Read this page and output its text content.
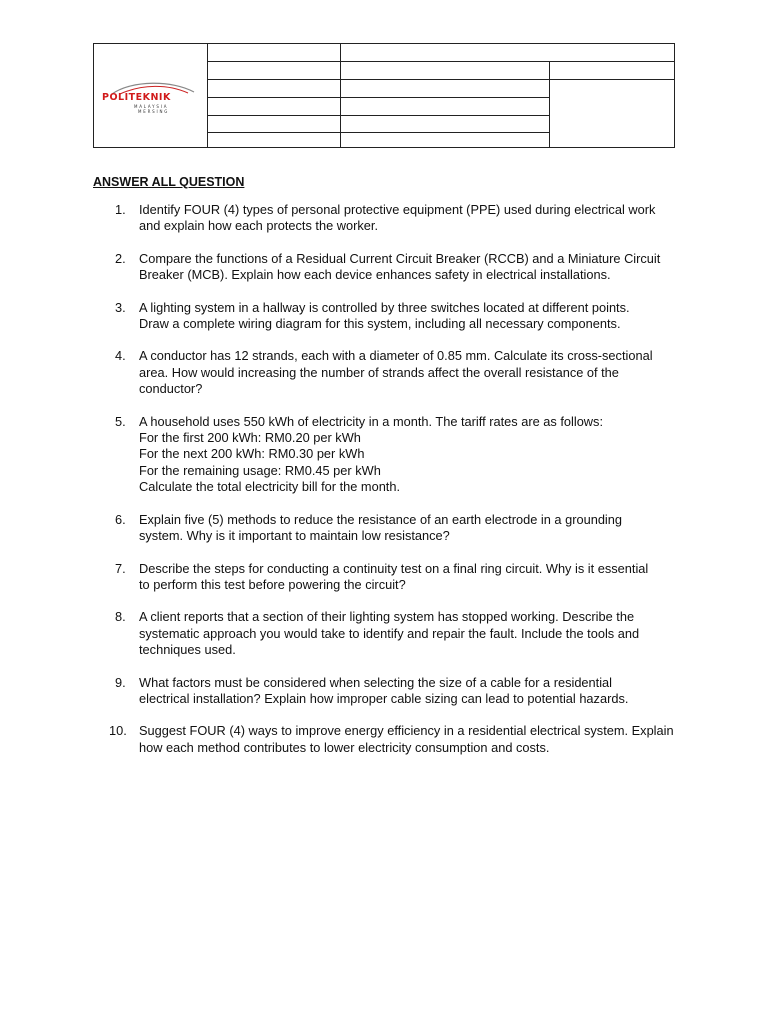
POLITEKNIK
MALAYSIA
MERSING
ANSWER ALL QUESTION
1.	Identify FOUR (4) types of personal protective equipment (PPE) used during electrical work
and explain how each protects the worker.
2.	Compare the functions of a Residual Current Circuit Breaker (RCCB) and a Miniature Circuit
Breaker (MCB). Explain how each device enhances safety in electrical installations.
3.	A lighting system in a hallway is controlled by three switches located at different points.
Draw a complete wiring diagram for this system, including all necessary components.
4.	A conductor has 12 strands, each with a diameter of 0.85 mm. Calculate its cross-sectional
area. How would increasing the number of strands affect the overall resistance of the
conductor?
5.	A household uses 550 kWh of electricity in a month. The tariff rates are as follows:
For the first 200 kWh: RM0.20 per kWh
For the next 200 kWh: RM0.30 per kWh
For the remaining usage: RM0.45 per kWh
Calculate the total electricity bill for the month.
6.	Explain five (5) methods to reduce the resistance of an earth electrode in a grounding
system. Why is it important to maintain low resistance?
7.	Describe the steps for conducting a continuity test on a final ring circuit. Why is it essential
to perform this test before powering the circuit?
8.	A client reports that a section of their lighting system has stopped working. Describe the
systematic approach you would take to identify and repair the fault. Include the tools and
techniques used.
9.	What factors must be considered when selecting the size of a cable for a residential
electrical installation? Explain how improper cable sizing can lead to potential hazards.
10. Suggest FOUR (4) ways to improve energy efficiency in a residential electrical system. Explain
how each method contributes to lower electricity consumption and costs.
